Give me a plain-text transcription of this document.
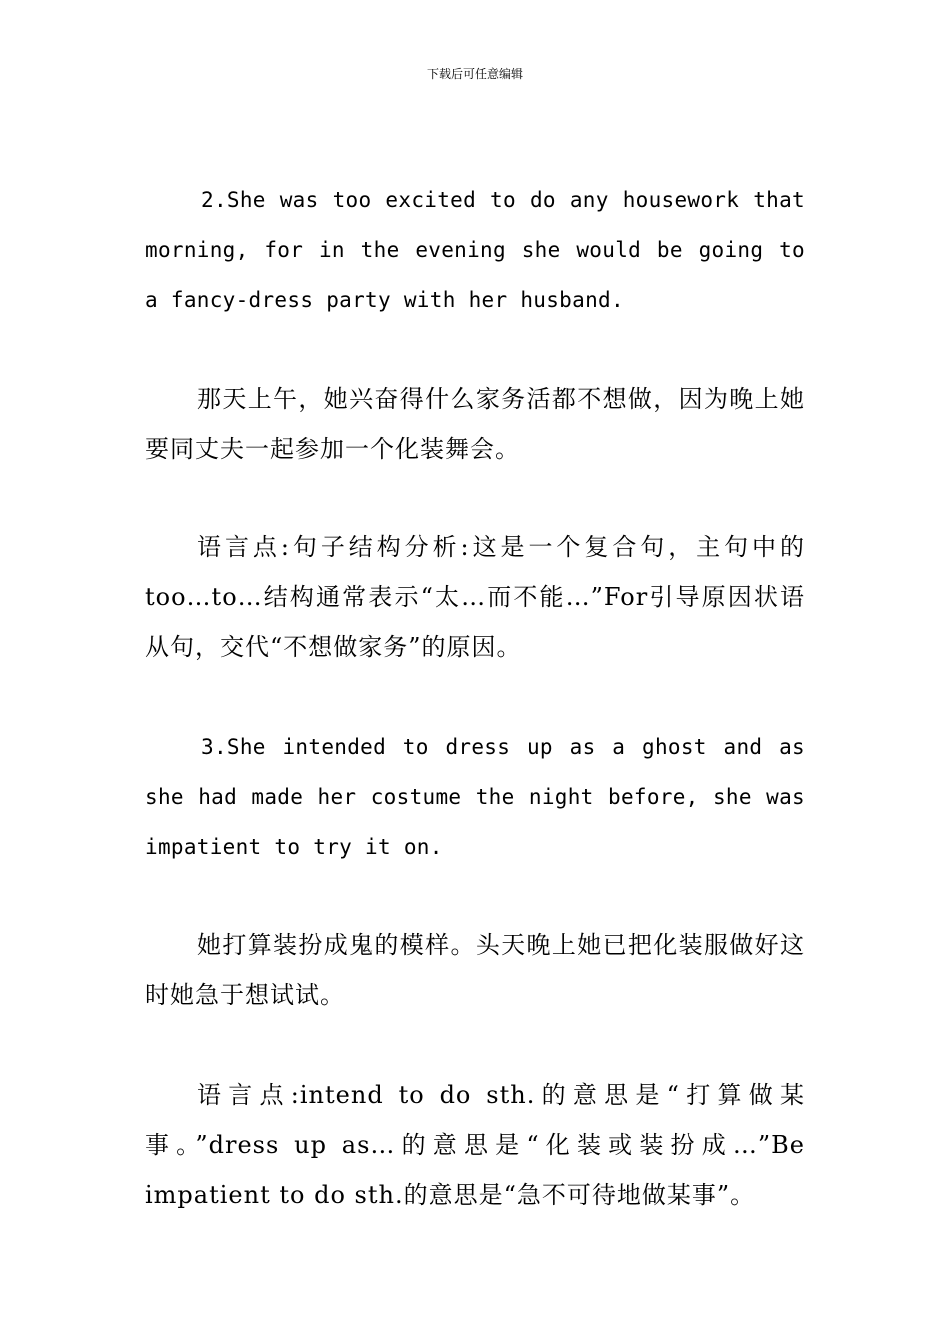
下载后可任意编辑

2.She was too excited to do any housework that morning, for in the evening she would be going to a fancy-dress party with her husband.

那天上午，她兴奋得什么家务活都不想做，因为晚上她要同丈夫一起参加一个化装舞会。

语言点:句子结构分析:这是一个复合句，主句中的too…to…结构通常表示“太…而不能…”For引导原因状语从句，交代“不想做家务”的原因。

3.She intended to dress up as a ghost and as she had made her costume the night before, she was impatient to try it on.

她打算装扮成鬼的模样。头天晚上她已把化装服做好这时她急于想试试。

语言点:intend to do sth.的意思是“打算做某事。”dress up as…的意思是“化装或装扮成…”Be impatient to do sth.的意思是“急不可待地做某事”。
